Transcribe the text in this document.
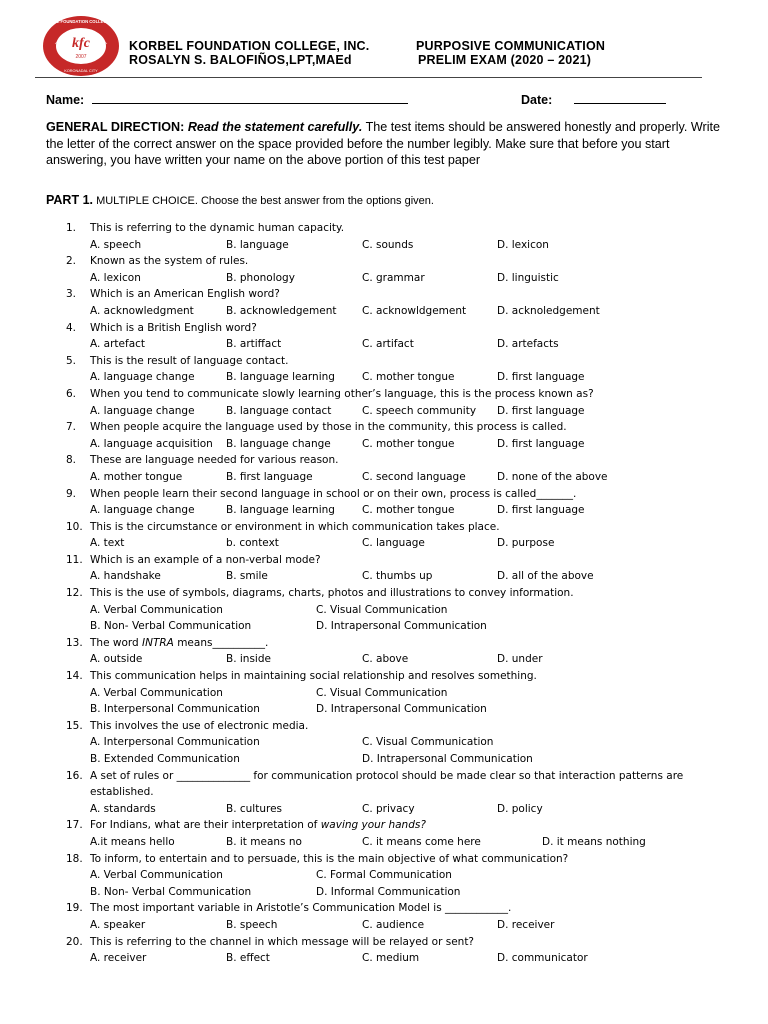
kfc
2007
KORBEL FOUNDATION COLLEGE, INC.
KORONADAL CITY
KORBEL FOUNDATION COLLEGE, INC.
ROSALYN S. BALOFIÑOS,LPT,MAEd
PURPOSIVE COMMUNICATION
PRELIM EXAM (2020 – 2021)
Name:	Date:
GENERAL DIRECTION: Read the statement carefully. The test items should be answered honestly and properly. Write the letter of the correct answer on the space provided before the number legibly. Make sure that before you start answering, you have written your name on the above portion of this test paper
PART 1. MULTIPLE CHOICE. Choose the best answer from the options given.
1. This is referring to the dynamic human capacity.
A. speech	B. language	C. sounds	D. lexicon
2. Known as the system of rules.
A. lexicon	B. phonology	C. grammar	D. linguistic
3. Which is an American English word?
A. acknowledgment	B. acknowledgement C. acknowldgement	D. acknoledgement
4. Which is a British English word?
A. artefact	B. artiffact	C. artifact	D. artefacts
5. This is the result of language contact.
A. language change	B. language learning	C. mother tongue	D. first language
6. When you tend to communicate slowly learning other’s language, this is the process known as?
A. language change	B. language contact	C. speech community D. first language
7. When people acquire the language used by those in the community, this process is called.
A. language acquisition B. language change	C. mother tongue	D. first language
8. These are language needed for various reason.
A. mother tongue	B. first language	C. second language	D. none of the above
9. When people learn their second language in school or on their own, process is called_______.
A. language change	B. language learning	C. mother tongue	D. first language
10. This is the circumstance or environment in which communication takes place.
A. text	b. context	C. language	D. purpose
11. Which is an example of a non-verbal mode?
A. handshake	B. smile	C. thumbs up	D. all of the above
12. This is the use of symbols, diagrams, charts, photos and illustrations to convey information.
A. Verbal Communication	C. Visual Communication
B. Non- Verbal Communication	D. Intrapersonal Communication
13. The word INTRA means__________.
A. outside	B. inside	C. above	D. under
14. This communication helps in maintaining social relationship and resolves something.
A. Verbal Communication	C. Visual Communication
B. Interpersonal Communication	D. Intrapersonal Communication
15. This involves the use of electronic media.
A. Interpersonal Communication	C. Visual Communication
B. Extended Communication	D. Intrapersonal Communication
16. A set of rules or ______________ for communication protocol should be made clear so that interaction patterns are established.
A. standards	B. cultures	C. privacy	D. policy
17. For Indians, what are their interpretation of waving your hands?
A.it means hello	B. it means no	C. it means come here	D. it means nothing
18. To inform, to entertain and to persuade, this is the main objective of what communication?
A. Verbal Communication	C. Formal Communication
B. Non- Verbal Communication	D. Informal Communication
19. The most important variable in Aristotle’s Communication Model is ____________.
A. speaker	B. speech	C. audience	D. receiver
20. This is referring to the channel in which message will be relayed or sent?
A. receiver	B. effect	C. medium	D. communicator
